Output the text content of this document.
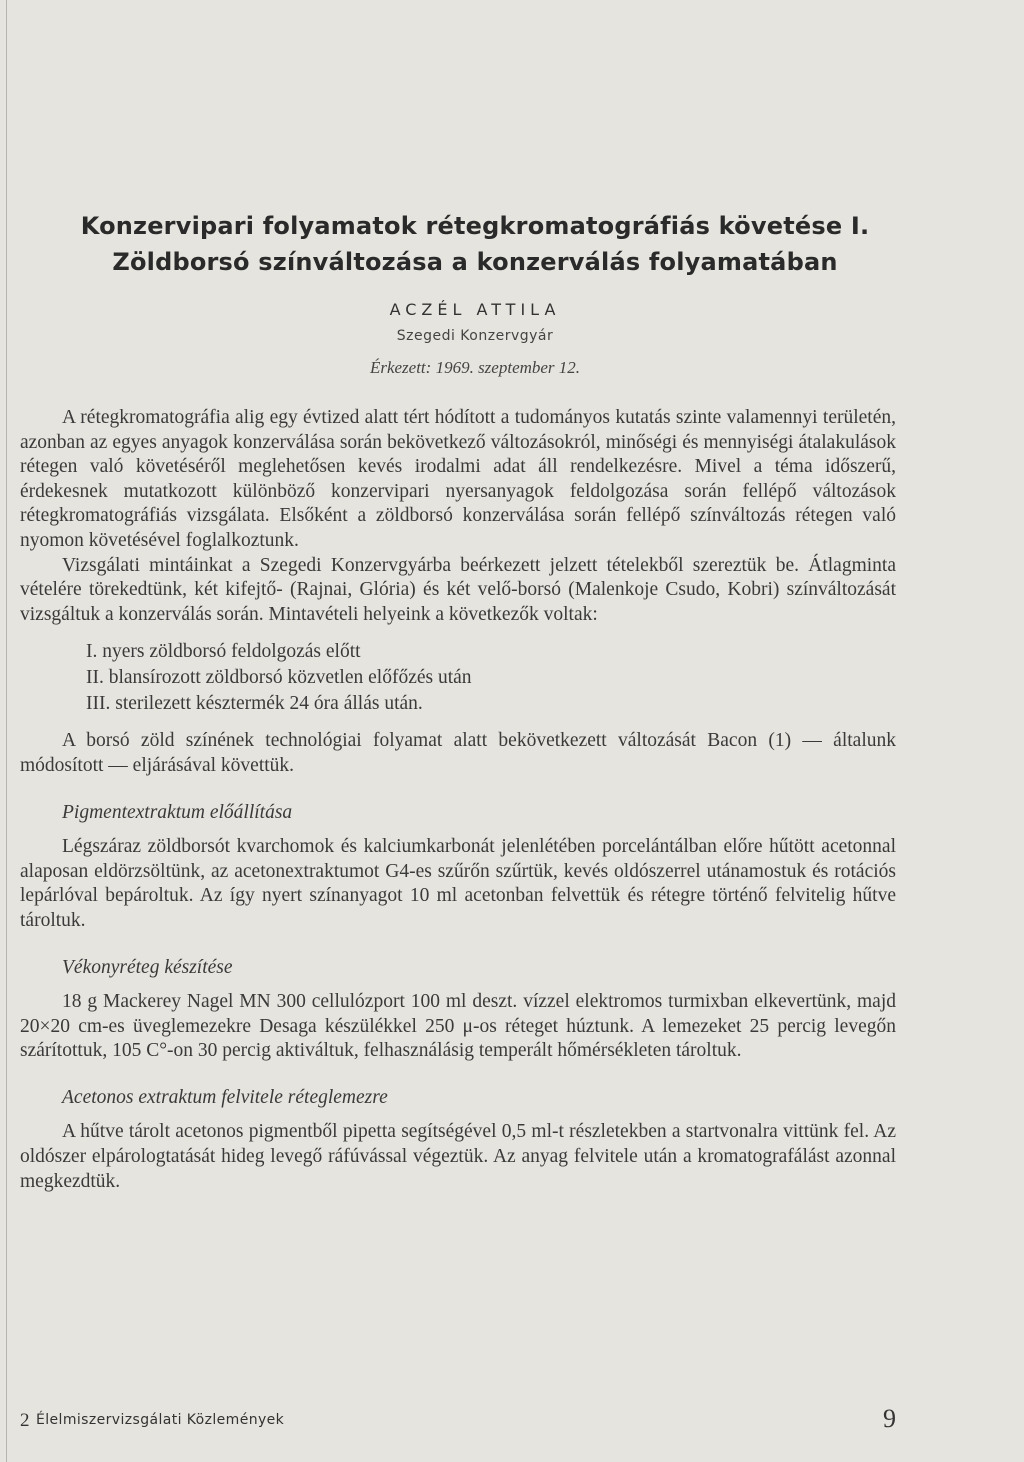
Konzervipari folyamatok rétegkromatográfiás követése I.
Zöldborsó színváltozása a konzerválás folyamatában
ACZÉL ATTILA
Szegedi Konzervgyár
Érkezett: 1969. szeptember 12.

A rétegkromatográfia alig egy évtized alatt tért hódított a tudományos kutatás szinte valamennyi területén, azonban az egyes anyagok konzerválása során bekövetkező változásokról, minőségi és mennyiségi átalakulások rétegen való követéséről meglehetősen kevés irodalmi adat áll rendelkezésre. Mivel a téma időszerű, érdekesnek mutatkozott különböző konzervipari nyersanyagok feldolgozása során fellépő változások rétegkromatográfiás vizsgálata. Elsőként a zöldborsó konzerválása során fellépő színváltozás rétegen való nyomon követésével foglalkoztunk.

Vizsgálati mintáinkat a Szegedi Konzervgyárba beérkezett jelzett tételekből szereztük be. Átlagminta vételére törekedtünk, két kifejtő- (Rajnai, Glória) és két velő-borsó (Malenkoje Csudo, Kobri) színváltozását vizsgáltuk a konzerválás során. Mintavételi helyeink a következők voltak:

I. nyers zöldborsó feldolgozás előtt
II. blansírozott zöldborsó közvetlen előfőzés után
III. sterilezett késztermék 24 óra állás után.

A borsó zöld színének technológiai folyamat alatt bekövetkezett változását Bacon (1) — általunk módosított — eljárásával követtük.

Pigmentextraktum előállítása

Légszáraz zöldborsót kvarchomok és kalciumkarbonát jelenlétében porcelántálban előre hűtött acetonnal alaposan eldörzsöltünk, az acetonextraktumot G4-es szűrőn szűrtük, kevés oldószerrel utánamostuk és rotációs lepárlóval bepároltuk. Az így nyert színanyagot 10 ml acetonban felvettük és rétegre történő felvitelig hűtve tároltuk.

Vékonyréteg készítése

18 g Mackerey Nagel MN 300 cellulózport 100 ml deszt. vízzel elektromos turmixban elkevertünk, majd 20×20 cm-es üveglemezekre Desaga készülékkel 250 μ-os réteget húztunk. A lemezeket 25 percig levegőn szárítottuk, 105 C°-on 30 percig aktiváltuk, felhasználásig temperált hőmérsékleten tároltuk.

Acetonos extraktum felvitele réteglemezre

A hűtve tárolt acetonos pigmentből pipetta segítségével 0,5 ml-t részletekben a startvonalra vittünk fel. Az oldószer elpárologtatását hideg levegő ráfúvással végeztük. Az anyag felvitele után a kromatografálást azonnal megkezdtük.

2 Élelmiszervizsgálati Közlemények	9
